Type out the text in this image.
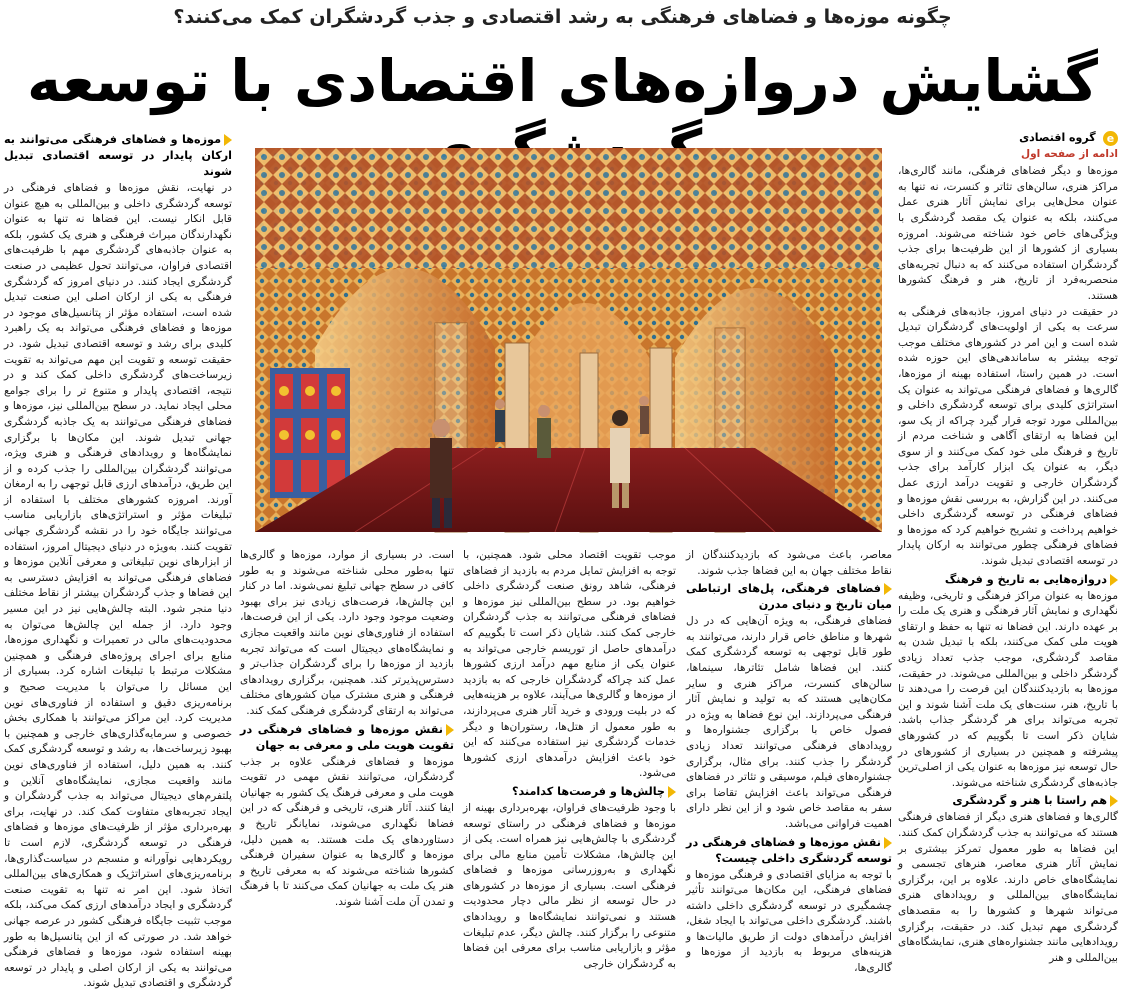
چگونه موزه‌ها و فضاهای فرهنگی به رشد اقتصادی و جذب گردشگران کمک می‌کنند؟
گشایش دروازه‌های اقتصادی با توسعه
e گروه اقتصادی
ادامه از صفحه اول

موزه‌ها و دیگر فضاهای فرهنگی، مانند گالری‌ها، مراکز هنری، سالن‌های تئاتر و کنسرت، نه تنها به عنوان محل‌هایی برای نمایش آثار هنری عمل می‌کنند، بلکه به عنوان یک مقصد گردشگری با ویژگی‌های خاص خود شناخته می‌شوند. امروزه بسیاری از کشورها از این ظرفیت‌ها برای جذب گردشگران استفاده می‌کنند که به دنبال تجربه‌های منحصربه‌فرد از تاریخ، هنر و فرهنگ کشورها هستند.

در حقیقت در دنیای امروز، جاذبه‌های فرهنگی به سرعت به یکی از اولویت‌های گردشگران تبدیل شده است و این امر در کشورهای مختلف موجب توجه بیشتر به ساماندهی‌های این حوزه شده است. در همین راستا، استفاده بهینه از موزه‌ها، گالری‌ها و فضاهای فرهنگی می‌تواند به عنوان یک استراتژی کلیدی برای توسعه گردشگری داخلی و بین‌المللی مورد توجه قرار گیرد چراکه از یک سو، این فضاها به ارتقای آگاهی و شناخت مردم از تاریخ و فرهنگ ملی خود کمک می‌کنند و از سوی دیگر، به عنوان یک ابزار کارآمد برای جذب گردشگران خارجی و تقویت درآمد ارزی عمل می‌کنند. در این گزارش، به بررسی نقش موزه‌ها و فضاهای فرهنگی در توسعه گردشگری داخلی خواهیم پرداخت و تشریح خواهیم کرد که موزه‌ها و فضاهای فرهنگی چطور می‌توانند به ارکان پایدار در توسعه اقتصادی تبدیل شوند.

دروازه‌هایی به تاریخ و فرهنگ

موزه‌ها به عنوان مراکز فرهنگی و تاریخی، وظیفه نگهداری و نمایش آثار فرهنگی و هنری یک ملت را بر عهده دارند. این فضاها نه تنها به حفظ و ارتقای هویت ملی کمک می‌کنند، بلکه با تبدیل شدن به مقاصد گردشگری، موجب جذب تعداد زیادی گردشگر داخلی و بین‌المللی می‌شوند. در حقیقت، موزه‌ها به بازدیدکنندگان این فرصت را می‌دهند تا با تاریخ، هنر، سنت‌های یک ملت آشنا شوند و این تجربه می‌تواند برای هر گردشگر جذاب باشد. شایان ذکر است تا بگوییم که در کشورهای پیشرفته و همچنین در بسیاری از کشورهای در حال توسعه نیز موزه‌ها به عنوان یکی از اصلی‌ترین جاذبه‌های گردشگری شناخته می‌شوند.

هم راستا با هنر و گردشگری

گالری‌ها و فضاهای هنری دیگر از فضاهای فرهنگی هستند که می‌توانند به جذب گردشگران کمک کنند. این فضاها به طور معمول تمرکز بیشتری بر نمایش آثار هنری معاصر، هنرهای تجسمی و نمایشگاه‌های خاص دارند. علاوه بر این، برگزاری نمایشگاه‌های بین‌المللی و رویدادهای هنری می‌تواند شهرها و کشورها را به مقصدهای گردشگری مهم تبدیل کند. در حقیقت، برگزاری رویدادهایی مانند جشنواره‌های هنری، نمایشگاه‌های بین‌المللی و هنر

موزه‌ها و فضاهای فرهنگی می‌توانند به ارکان پایدار در توسعه اقتصادی تبدیل شوند

در نهایت، نقش موزه‌ها و فضاهای فرهنگی در توسعه گردشگری داخلی و بین‌المللی به هیچ عنوان قابل انکار نیست. این فضاها نه تنها به عنوان نگهدارندگان میراث فرهنگی و هنری یک کشور، بلکه به عنوان جاذبه‌های گردشگری مهم با ظرفیت‌های اقتصادی فراوان، می‌توانند تحول عظیمی در صنعت گردشگری ایجاد کنند. در دنیای امروز که گردشگری فرهنگی به یکی از ارکان اصلی این صنعت تبدیل شده است، استفاده مؤثر از پتانسیل‌های موجود در موزه‌ها و فضاهای فرهنگی می‌تواند به یک راهبرد کلیدی برای رشد و توسعه اقتصادی تبدیل شود. در حقیقت توسعه و تقویت این مهم می‌تواند به تقویت زیرساخت‌های گردشگری داخلی کمک کند و در نتیجه، اقتصادی پایدار و متنوع تر را برای جوامع محلی ایجاد نماید. در سطح بین‌المللی نیز، موزه‌ها و فضاهای فرهنگی می‌توانند به یک جاذبه گردشگری جهانی تبدیل شوند. این مکان‌ها با برگزاری نمایشگاه‌ها و رویدادهای فرهنگی و هنری ویژه، می‌توانند گردشگران بین‌المللی را جذب کرده و از این طریق، درآمدهای ارزی قابل توجهی را به ارمغان آورند. امروزه کشورهای مختلف با استفاده از تبلیغات مؤثر و استراتژی‌های بازاریابی مناسب می‌توانند جایگاه خود را در نقشه گردشگری جهانی تقویت کنند. به‌ویژه در دنیای دیجیتال امروز، استفاده از ابزارهای نوین تبلیغاتی و معرفی آنلاین موزه‌ها و فضاهای فرهنگی می‌تواند به افزایش دسترسی به این فضاها و جذب گردشگران بیشتر از نقاط مختلف دنیا منجر شود. البته چالش‌هایی نیز در این مسیر وجود دارد. از جمله این چالش‌ها می‌توان به محدودیت‌های مالی در تعمیرات و نگهداری موزه‌ها، منابع برای اجرای پروژه‌های فرهنگی و همچنین مشکلات مرتبط با تبلیغات اشاره کرد. بسیاری از این مسائل را می‌توان با مدیریت صحیح و برنامه‌ریزی دقیق و استفاده از فناوری‌های نوین مدیریت کرد. این مراکز می‌توانند با همکاری بخش خصوصی و سرمایه‌گذاری‌های خارجی و همچنین با بهبود زیرساخت‌ها، به رشد و توسعه گردشگری کمک کنند. به همین دلیل، استفاده از فناوری‌های نوین مانند واقعیت مجازی، نمایشگاه‌های آنلاین و پلتفرم‌های دیجیتال می‌تواند به جذب گردشگران و ایجاد تجربه‌های متفاوت کمک کند. در نهایت، برای بهره‌برداری مؤثر از ظرفیت‌های موزه‌ها و فضاهای فرهنگی در توسعه گردشگری، لازم است تا رویکردهایی نوآورانه و منسجم در سیاست‌گذاری‌ها، برنامه‌ریزی‌های استراتژیک و همکاری‌های بین‌المللی اتخاذ شود. این امر نه تنها به تقویت صنعت گردشگری و ایجاد درآمدهای ارزی کمک می‌کند، بلکه موجب تثبیت جایگاه فرهنگی کشور در عرصه جهانی خواهد شد. در صورتی که از این پتانسیل‌ها به طور بهینه استفاده شود، موزه‌ها و فضاهای فرهنگی می‌توانند به یکی از ارکان اصلی و پایدار در توسعه گردشگری و اقتصادی تبدیل شوند.

معاصر، باعث می‌شود که بازدیدکنندگان از نقاط مختلف جهان به این فضاها جذب شوند.

فضاهای فرهنگی، پل‌های ارتباطی میان تاریخ و دنیای مدرن

فضاهای فرهنگی، به ویژه آن‌هایی که در دل شهرها و مناطق خاص قرار دارند، می‌توانند به طور قابل توجهی به توسعه گردشگری کمک کنند. این فضاها شامل تئاترها، سینماها، سالن‌های کنسرت، مراکز هنری و سایر مکان‌هایی هستند که به تولید و نمایش آثار فرهنگی می‌پردازند. این نوع فضاها به ویژه در فصول خاص با برگزاری جشنواره‌ها و رویدادهای فرهنگی می‌توانند تعداد زیادی گردشگر را جذب کنند. برای مثال، برگزاری جشنواره‌های فیلم، موسیقی و تئاتر در فضاهای فرهنگی می‌تواند باعث افزایش تقاضا برای سفر به مقاصد خاص شود و از این نظر دارای اهمیت فراوانی می‌باشد.

نقش موزه‌ها و فضاهای فرهنگی در توسعه گردشگری داخلی چیست؟

با توجه به مزایای اقتصادی و فرهنگی موزه‌ها و فضاهای فرهنگی، این مکان‌ها می‌توانند تأثیر چشمگیری در توسعه گردشگری داخلی داشته باشند. گردشگری داخلی می‌تواند با ایجاد شغل، افزایش درآمدهای دولت از طریق مالیات‌ها و هزینه‌های مربوط به بازدید از موزه‌ها و گالری‌ها،

موجب تقویت اقتصاد محلی شود. همچنین، با توجه به افزایش تمایل مردم به بازدید از فضاهای فرهنگی، شاهد رونق صنعت گردشگری داخلی خواهیم بود. در سطح بین‌المللی نیز موزه‌ها و فضاهای فرهنگی می‌توانند به جذب گردشگران خارجی کمک کنند. شایان ذکر است تا بگوییم که درآمدهای حاصل از توریسم خارجی می‌تواند به عنوان یکی از منابع مهم درآمد ارزی کشورها عمل کند چراکه گردشگران خارجی که به بازدید از موزه‌ها و گالری‌ها می‌آیند، علاوه بر هزینه‌هایی که در بلیت ورودی و خرید آثار هنری می‌پردازند، به طور معمول از هتل‌ها، رستوران‌ها و دیگر خدمات گردشگری نیز استفاده می‌کنند که این خود باعث افزایش درآمدهای ارزی کشورها می‌شود.

چالش‌ها و فرصت‌ها کدامند؟

با وجود ظرفیت‌های فراوان، بهره‌برداری بهینه از موزه‌ها و فضاهای فرهنگی در راستای توسعه گردشگری با چالش‌هایی نیز همراه است. یکی از این چالش‌ها، مشکلات تأمین منابع مالی برای نگهداری و به‌روزرسانی موزه‌ها و فضاهای فرهنگی است. بسیاری از موزه‌ها در کشورهای در حال توسعه از نظر مالی دچار محدودیت هستند و نمی‌توانند نمایشگاه‌ها و رویدادهای متنوعی را برگزار کنند. چالش دیگر، عدم تبلیغات مؤثر و بازاریابی مناسب برای معرفی این فضاها به گردشگران خارجی

است. در بسیاری از موارد، موزه‌ها و گالری‌ها تنها به‌طور محلی شناخته می‌شوند و به طور کافی در سطح جهانی تبلیغ نمی‌شوند. اما در کنار این چالش‌ها، فرصت‌های زیادی نیز برای بهبود وضعیت موجود وجود دارد. یکی از این فرصت‌ها، استفاده از فناوری‌های نوین مانند واقعیت مجازی و نمایشگاه‌های دیجیتال است که می‌تواند تجربه بازدید از موزه‌ها را برای گردشگران جذاب‌تر و دسترس‌پذیرتر کند. همچنین، برگزاری رویدادهای فرهنگی و هنری مشترک میان کشورهای مختلف می‌تواند به ارتقای گردشگری فرهنگی کمک کند.

نقش موزه‌ها و فضاهای فرهنگی در تقویت هویت ملی و معرفی به جهان

موزه‌ها و فضاهای فرهنگی علاوه بر جذب گردشگران، می‌توانند نقش مهمی در تقویت هویت ملی و معرفی فرهنگ یک کشور به جهانیان ایفا کنند. آثار هنری، تاریخی و فرهنگی که در این فضاها نگهداری می‌شوند، نمایانگر تاریخ و دستاوردهای یک ملت هستند. به همین دلیل، موزه‌ها و گالری‌ها به عنوان سفیران فرهنگی کشورها شناخته می‌شوند که به معرفی تاریخ و هنر یک ملت به جهانیان کمک می‌کنند تا با فرهنگ و تمدن آن ملت آشنا شوند.
